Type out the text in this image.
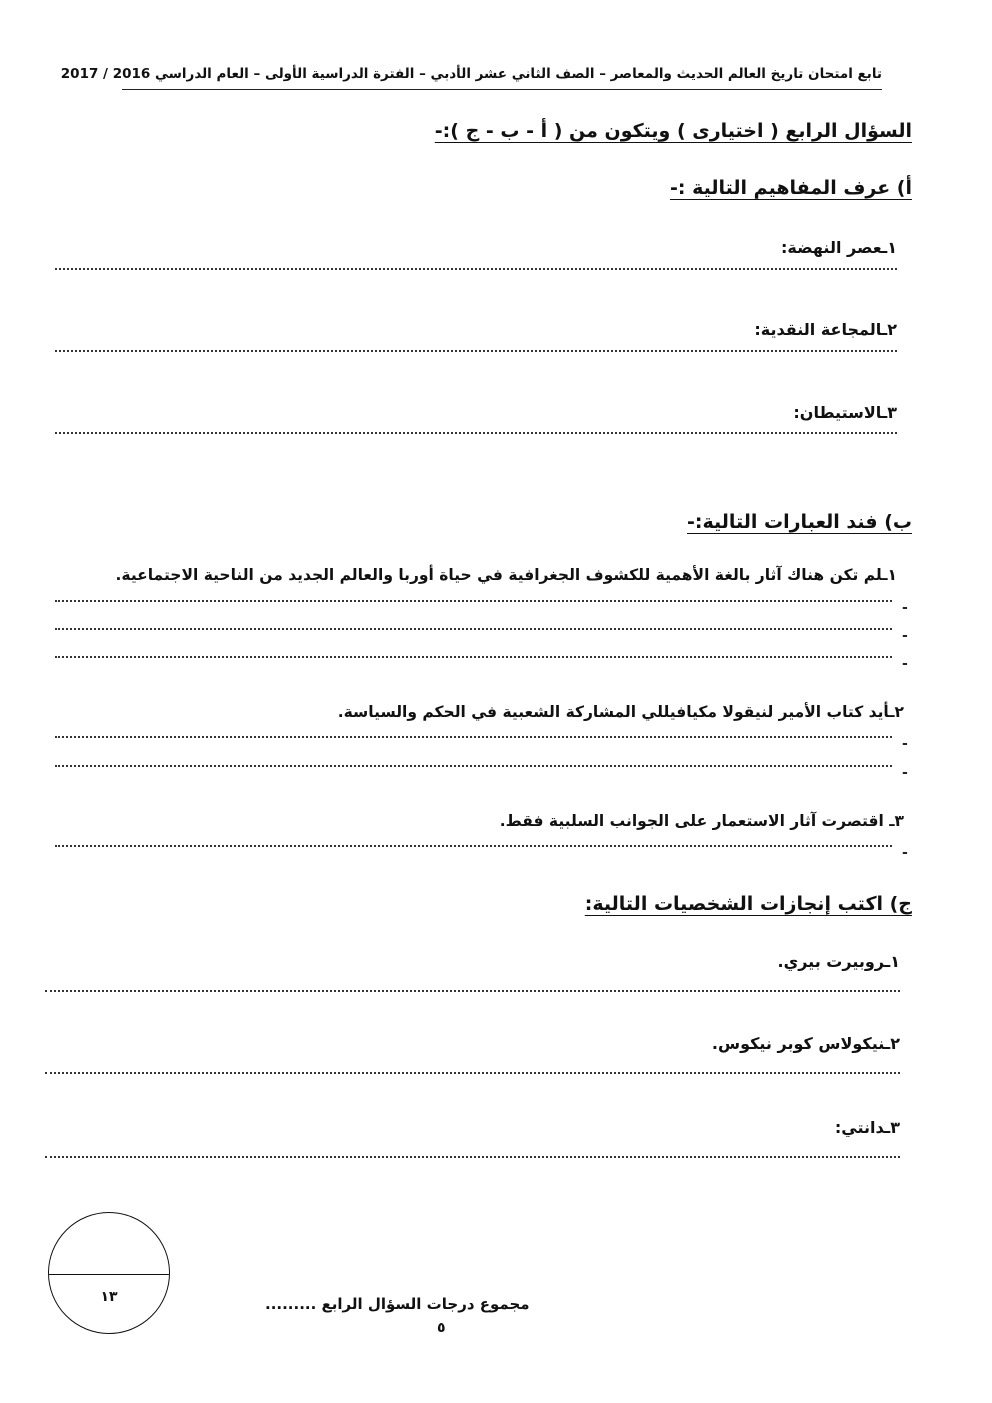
تابع امتحان تاريخ العالم الحديث والمعاصر – الصف الثاني عشر الأدبي – الفترة الدراسية الأولى – العام الدراسي 2016 / 2017
السؤال الرابع ( اختيارى ) ويتكون من ( أ - ب - ج ):-
أ) عرف المفاهيم التالية :-
١ـعصر النهضة:
٢ـالمجاعة النقدية:
٣ـالاستيطان:
ب) فند العبارات التالية:-
١ـلم تكن هناك آثار بالغة الأهمية للكشوف الجغرافية في حياة أوربا والعالم الجديد من الناحية الاجتماعية.
-
-
-
٢ـأيد كتاب الأمير لنيقولا مكيافيللي المشاركة الشعبية في الحكم والسياسة.
-
-
٣ـ اقتصرت آثار الاستعمار على الجوانب السلبية فقط.
-
ج) اكتب إنجازات الشخصيات التالية:
١ـروبيرت بيري.
٢ـنيكولاس كوبر نيكوس.
٣ـدانتي:
١٣	مجموع درجات السؤال الرابع .........
٥
